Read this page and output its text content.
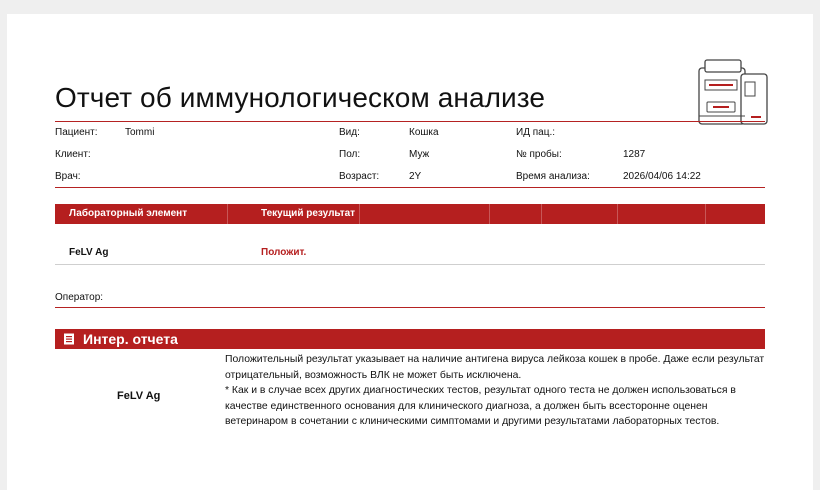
Отчет об иммунологическом анализе
Пациент:	Tommi
Клиент:
Врач:
Вид:	Кошка
Пол:	Муж
Возраст:	2Y
ИД пац.:
№ пробы:	1287
Время анализа:	2026/04/06 14:22
Лабораторный элемент	Текущий результат
FeLV Ag	Положит.
Оператор:
Интер. отчета
FeLV Ag

Положительный результат указывает на наличие антигена вируса лейкоза кошек в пробе. Даже если результат отрицательный, возможность ВЛК не может быть исключена.

* Как и в случае всех других диагностических тестов, результат одного теста не должен использоваться в качестве единственного основания для клинического диагноза, а должен быть всесторонне оценен ветеринаром в сочетании с клиническими симптомами и другими результатами лабораторных тестов.
